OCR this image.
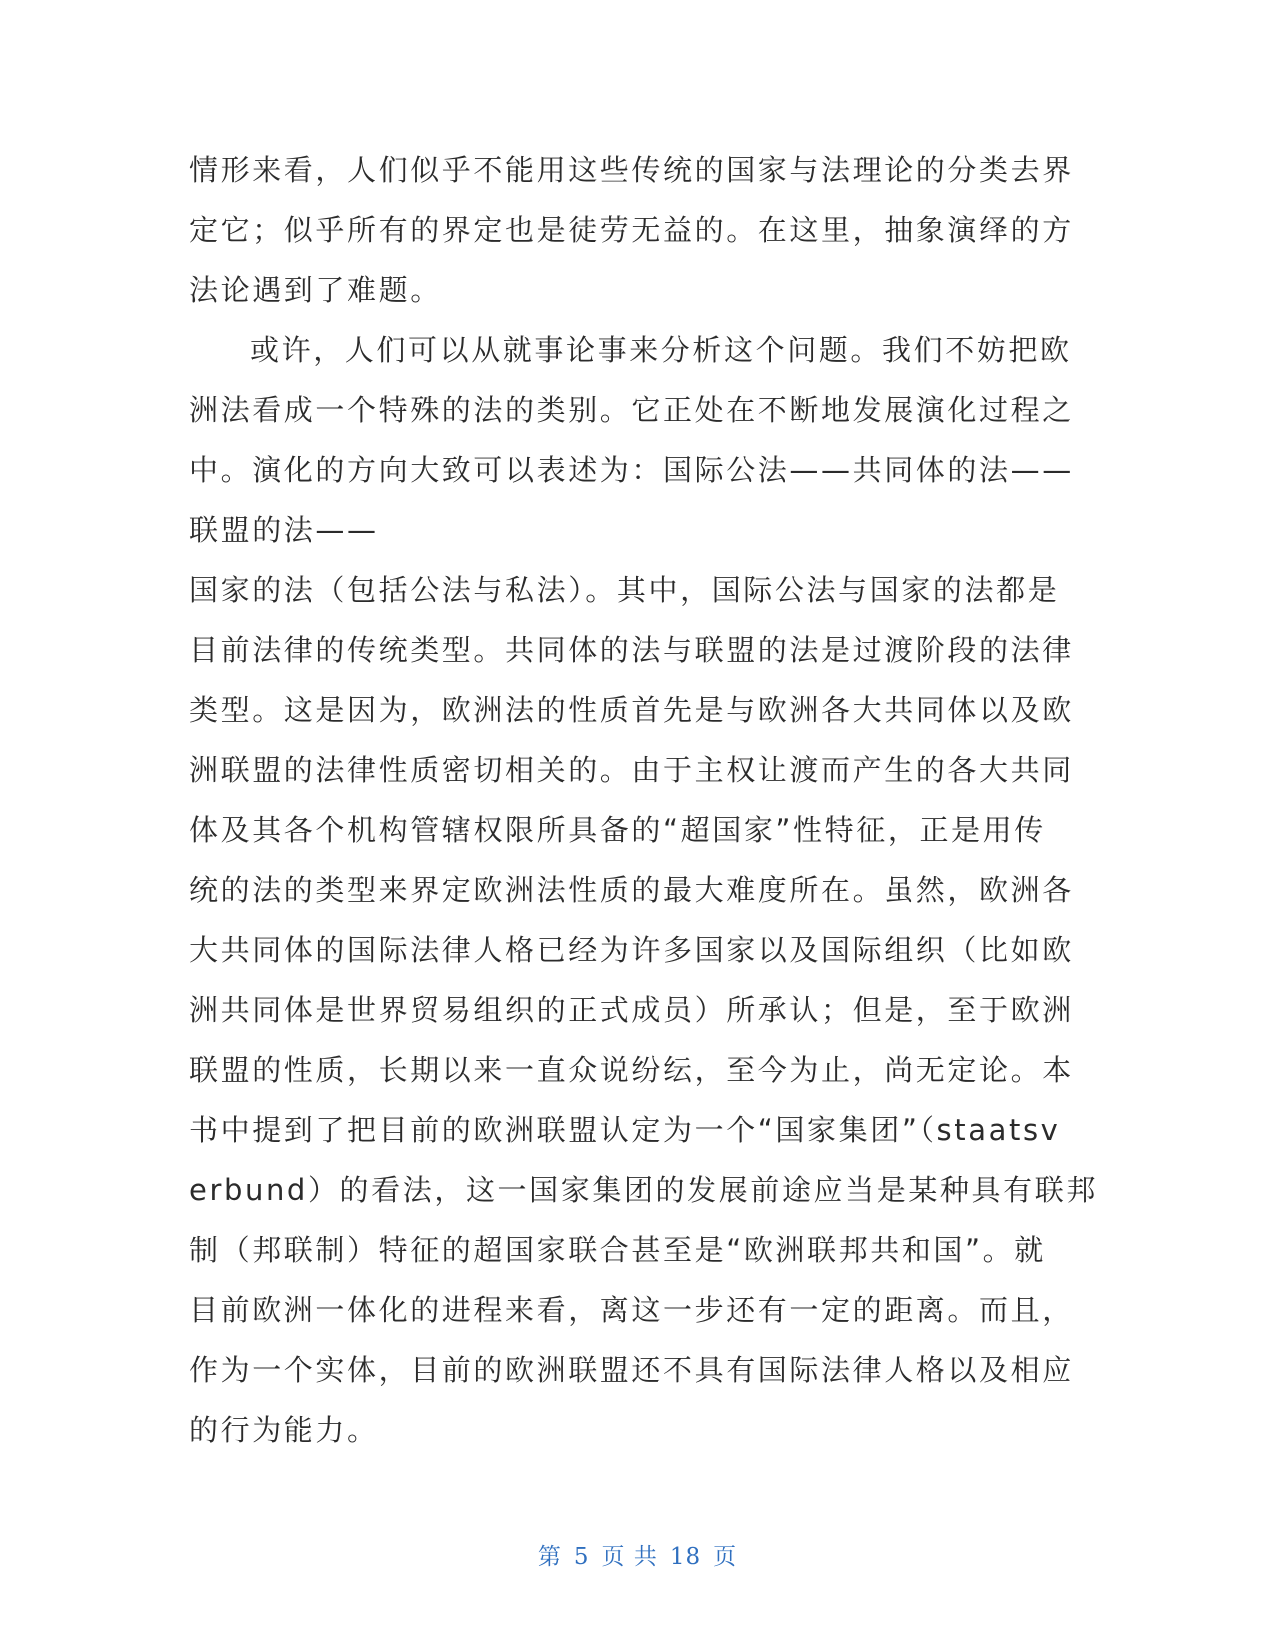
情形来看，人们似乎不能用这些传统的国家与法理论的分类去界
定它；似乎所有的界定也是徒劳无益的。在这里，抽象演绎的方
法论遇到了难题。
或许，人们可以从就事论事来分析这个问题。我们不妨把欧
洲法看成一个特殊的法的类别。它正处在不断地发展演化过程之
中。演化的方向大致可以表述为：国际公法——共同体的法——
联盟的法——
国家的法（包括公法与私法）。其中，国际公法与国家的法都是
目前法律的传统类型。共同体的法与联盟的法是过渡阶段的法律
类型。这是因为，欧洲法的性质首先是与欧洲各大共同体以及欧
洲联盟的法律性质密切相关的。由于主权让渡而产生的各大共同
体及其各个机构管辖权限所具备的“超国家”性特征，正是用传
统的法的类型来界定欧洲法性质的最大难度所在。虽然，欧洲各
大共同体的国际法律人格已经为许多国家以及国际组织（比如欧
洲共同体是世界贸易组织的正式成员）所承认；但是，至于欧洲
联盟的性质，长期以来一直众说纷纭，至今为止，尚无定论。本
书中提到了把目前的欧洲联盟认定为一个“国家集团”（staatsv
erbund）的看法，这一国家集团的发展前途应当是某种具有联邦
制（邦联制）特征的超国家联合甚至是“欧洲联邦共和国”。就
目前欧洲一体化的进程来看，离这一步还有一定的距离。而且，
作为一个实体，目前的欧洲联盟还不具有国际法律人格以及相应
的行为能力。
第 5 页 共 18 页
